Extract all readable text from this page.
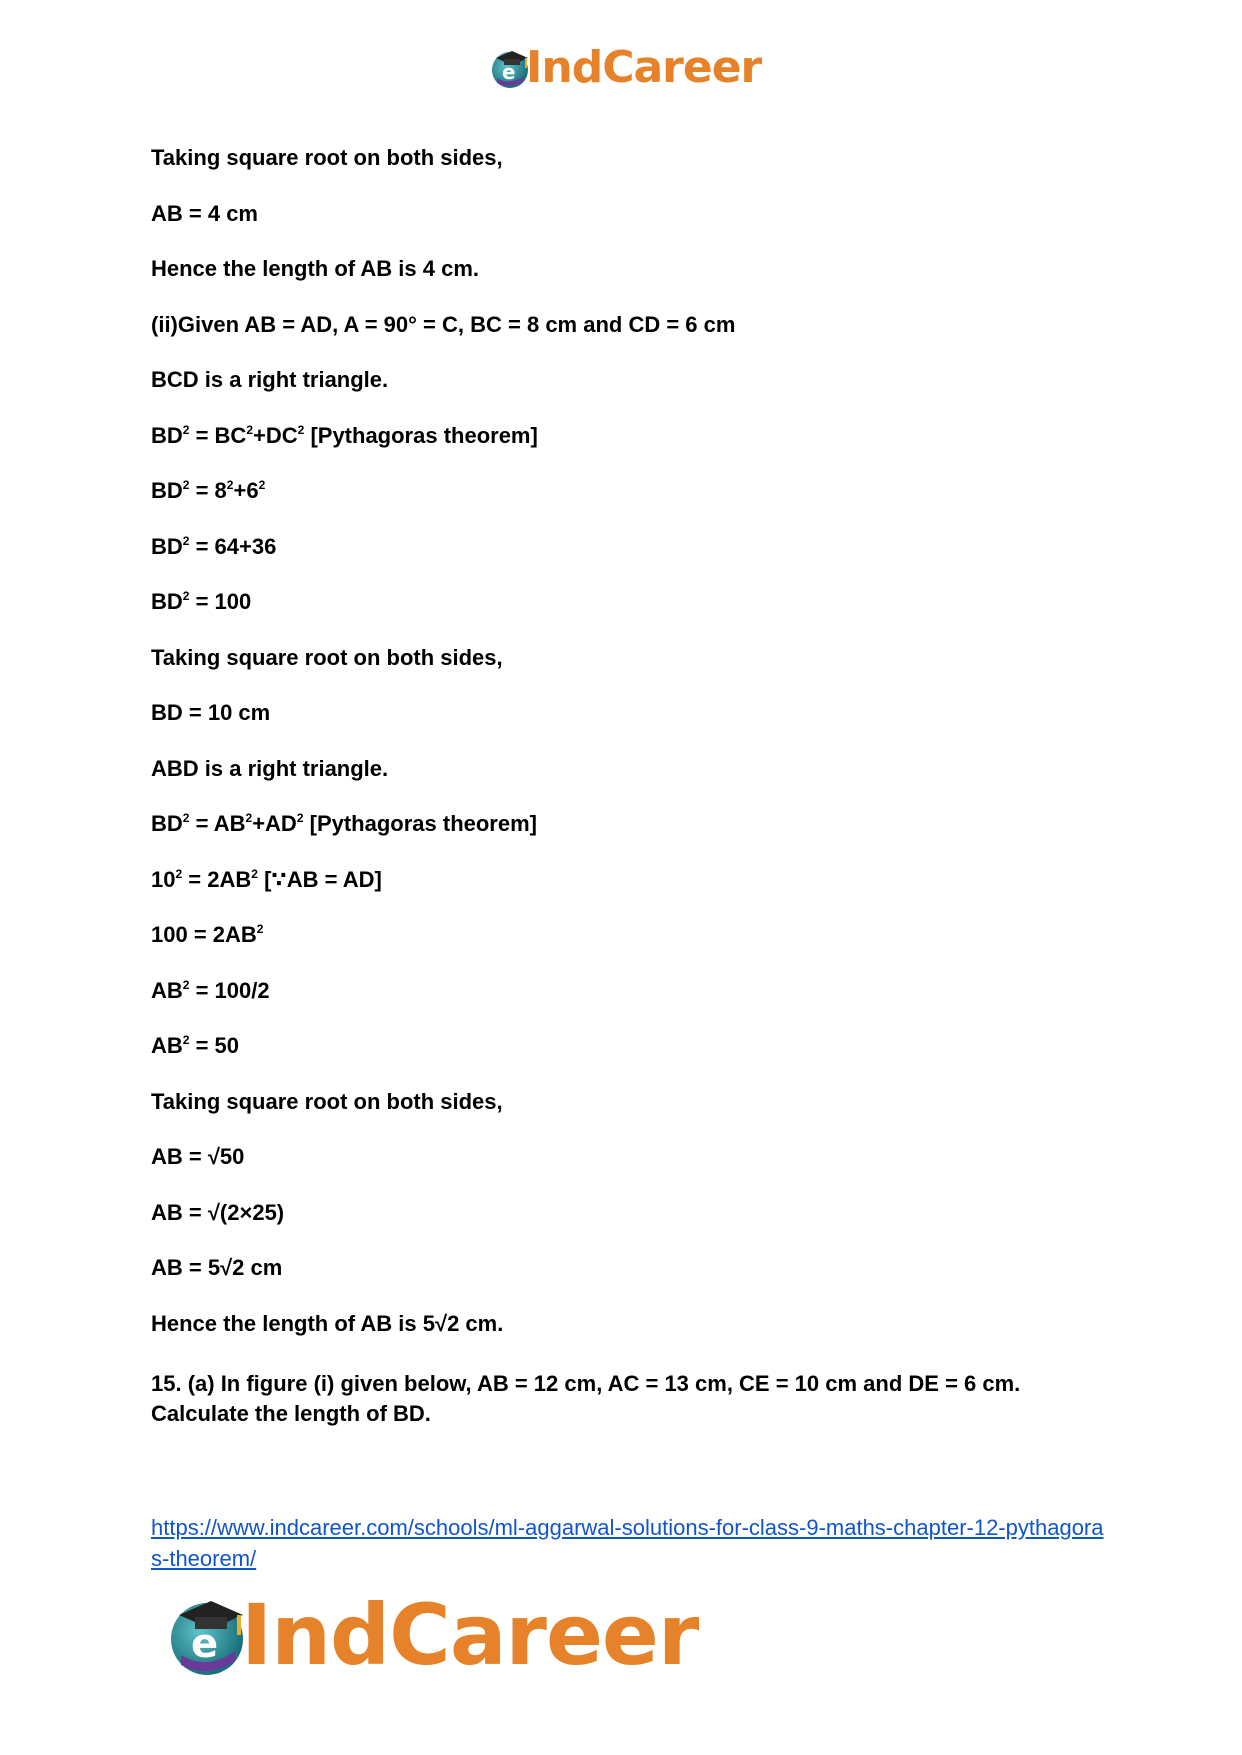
e IndCareer
Taking square root on both sides,
AB = 4 cm
Hence the length of AB is 4 cm.
(ii)Given AB = AD, A = 90° = C, BC = 8 cm and CD = 6 cm
BCD is a right triangle.
$BD^2 = BC^2+DC^2$ [Pythagoras theorem]
$BD^2 = 8^2+6^2$
$BD^2 = 64+36$
$BD^2 = 100$
Taking square root on both sides,
BD = 10 cm
ABD is a right triangle.
$BD^2 = AB^2+AD^2$ [Pythagoras theorem]
$10^2 = 2AB^2$ [∵AB = AD]
$100 = 2AB^2$
$AB^2 = 100/2$
$AB^2 = 50$
Taking square root on both sides,
AB = √50
AB = √(2×25)
AB = 5√2 cm
Hence the length of AB is 5√2 cm.
15. (a) In figure (i) given below, AB = 12 cm, AC = 13 cm, CE = 10 cm and DE = 6 cm. Calculate the length of BD.
https://www.indcareer.com/schools/ml-aggarwal-solutions-for-class-9-maths-chapter-12-pythagoras-theorem/
e IndCareer
